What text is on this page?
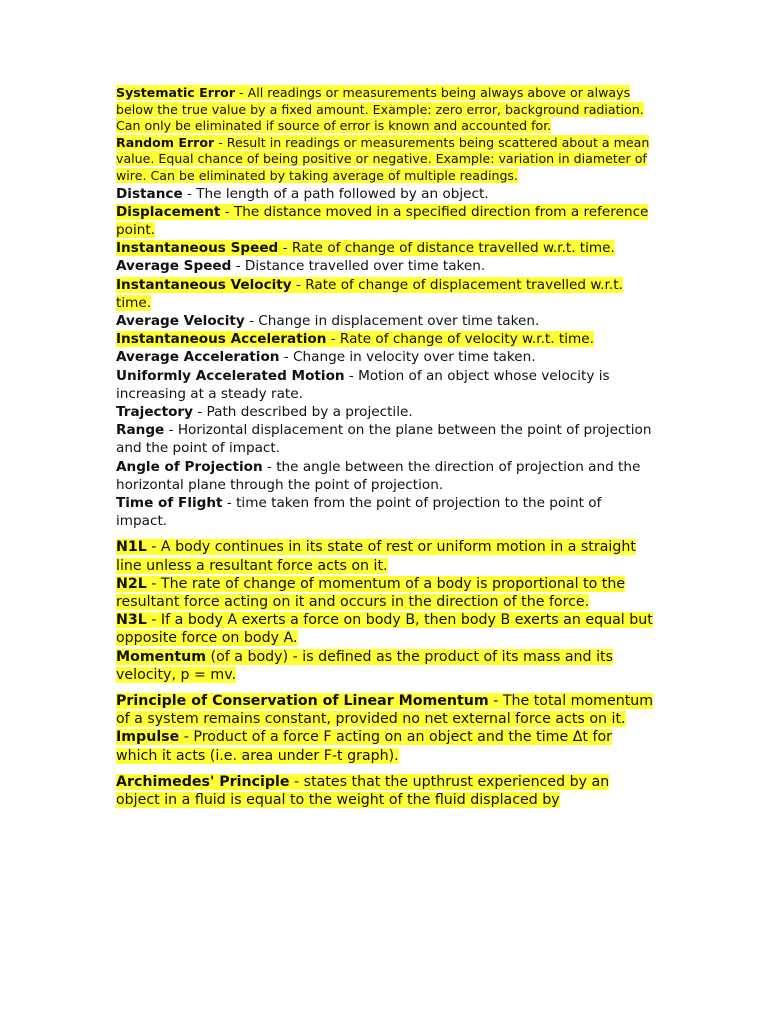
Systematic Error - All readings or measurements being always above or always below the true value by a fixed amount. Example: zero error, background radiation. Can only be eliminated if source of error is known and accounted for.

Random Error - Result in readings or measurements being scattered about a mean value. Equal chance of being positive or negative. Example: variation in diameter of wire. Can be eliminated by taking average of multiple readings.

Distance - The length of a path followed by an object.

Displacement - The distance moved in a specified direction from a reference point.

Instantaneous Speed - Rate of change of distance travelled w.r.t. time.

Average Speed - Distance travelled over time taken.

Instantaneous Velocity - Rate of change of displacement travelled w.r.t. time.

Average Velocity - Change in displacement over time taken.

Instantaneous Acceleration - Rate of change of velocity w.r.t. time.

Average Acceleration - Change in velocity over time taken.

Uniformly Accelerated Motion - Motion of an object whose velocity is increasing at a steady rate.

Trajectory - Path described by a projectile.

Range - Horizontal displacement on the plane between the point of projection and the point of impact.

Angle of Projection - the angle between the direction of projection and the horizontal plane through the point of projection.

Time of Flight - time taken from the point of projection to the point of impact.

N1L - A body continues in its state of rest or uniform motion in a straight line unless a resultant force acts on it.

N2L - The rate of change of momentum of a body is proportional to the resultant force acting on it and occurs in the direction of the force.

N3L - If a body A exerts a force on body B, then body B exerts an equal but opposite force on body A.

Momentum (of a body) - is defined as the product of its mass and its velocity, p = mv.

Principle of Conservation of Linear Momentum - The total momentum of a system remains constant, provided no net external force acts on it.

Impulse - Product of a force F acting on an object and the time Δt for which it acts (i.e. area under F-t graph).

Archimedes' Principle - states that the upthrust experienced by an object in a fluid is equal to the weight of the fluid displaced by
